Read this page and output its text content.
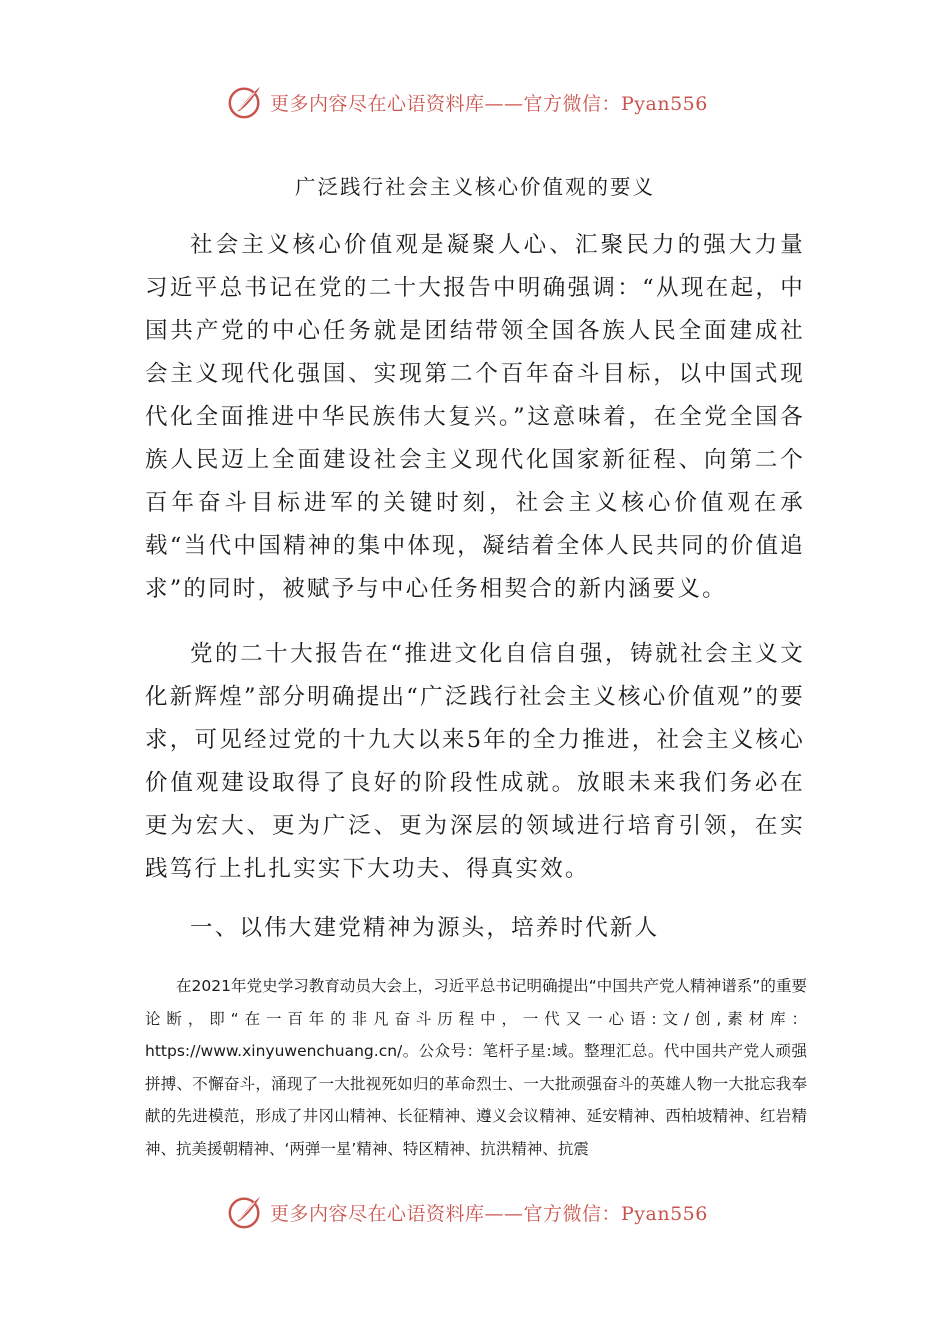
更多内容尽在心语资料库——官方微信：Pyan556
广泛践行社会主义核心价值观的要义

社会主义核心价值观是凝聚人心、汇聚民力的强大力量习近平总书记在党的二十大报告中明确强调：“从现在起，中国共产党的中心任务就是团结带领全国各族人民全面建成社会主义现代化强国、实现第二个百年奋斗目标，以中国式现代化全面推进中华民族伟大复兴。”这意味着，在全党全国各族人民迈上全面建设社会主义现代化国家新征程、向第二个百年奋斗目标进军的关键时刻，社会主义核心价值观在承载“当代中国精神的集中体现，凝结着全体人民共同的价值追求”的同时，被赋予与中心任务相契合的新内涵要义。

党的二十大报告在“推进文化自信自强，铸就社会主义文化新辉煌”部分明确提出“广泛践行社会主义核心价值观”的要求，可见经过党的十九大以来5年的全力推进，社会主义核心价值观建设取得了良好的阶段性成就。放眼未来我们务必在更为宏大、更为广泛、更为深层的领域进行培育引领，在实践笃行上扎扎实实下大功夫、得真实效。

一、以伟大建党精神为源头，培养时代新人

在2021年党史学习教育动员大会上，习近平总书记明确提出“中国共产党人精神谱系”的重要论断，即“在一百年的非凡奋斗历程中，一代又一心语:文/创,素材库：https://www.xinyuwenchuang.cn/。公众号：笔杆子星:域。整理汇总。代中国共产党人顽强拼搏、不懈奋斗，涌现了一大批视死如归的革命烈士、一大批顽强奋斗的英雄人物一大批忘我奉献的先进模范，形成了井冈山精神、长征精神、遵义会议精神、延安精神、西柏坡精神、红岩精神、抗美援朝精神、‘两弹一星’精神、特区精神、抗洪精神、抗震

更多内容尽在心语资料库——官方微信：Pyan556
